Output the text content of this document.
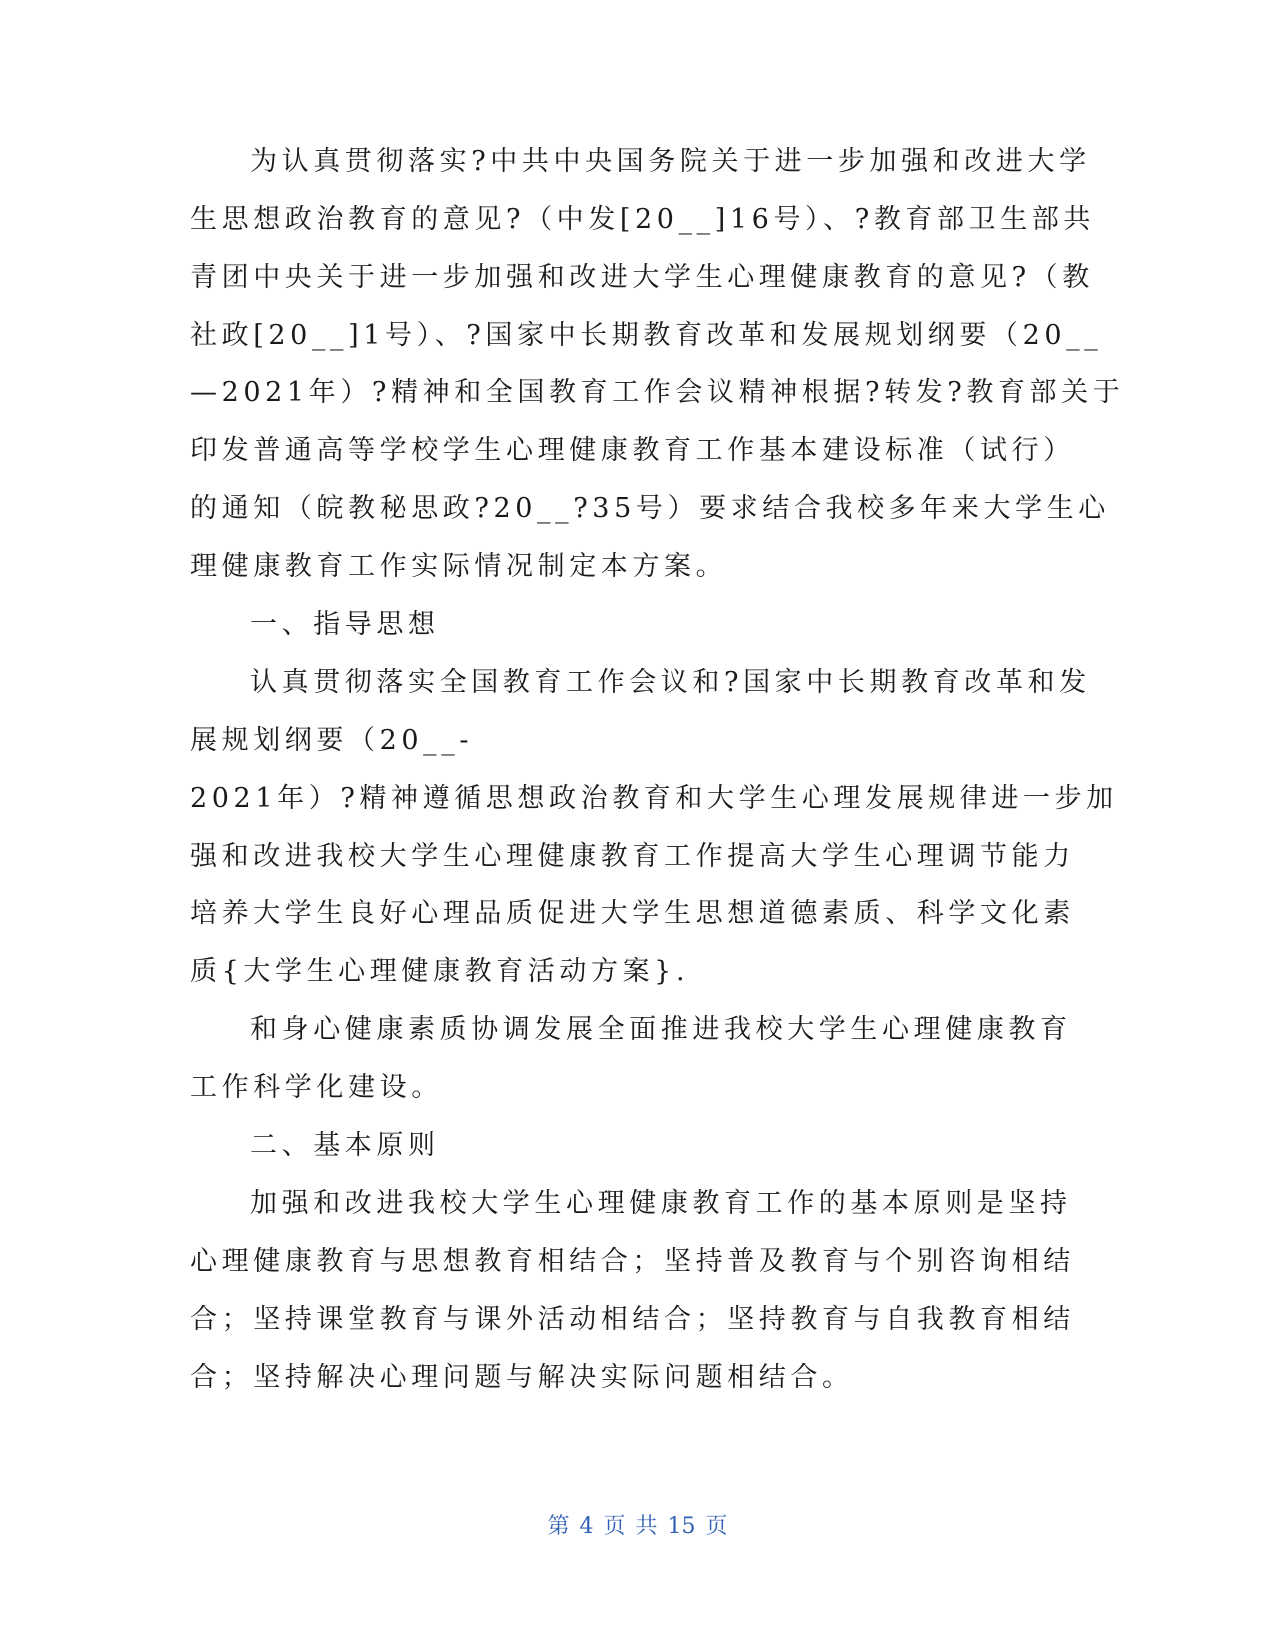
为认真贯彻落实?中共中央国务院关于进一步加强和改进大学
生思想政治教育的意见?（中发[20__]16号）、?教育部卫生部共
青团中央关于进一步加强和改进大学生心理健康教育的意见?（教
社政[20__]1号）、?国家中长期教育改革和发展规划纲要（20__
—2021年）?精神和全国教育工作会议精神根据?转发?教育部关于
印发普通高等学校学生心理健康教育工作基本建设标准（试行）
的通知（皖教秘思政?20__?35号）要求结合我校多年来大学生心
理健康教育工作实际情况制定本方案。
一、指导思想
认真贯彻落实全国教育工作会议和?国家中长期教育改革和发
展规划纲要（20__-
2021年）?精神遵循思想政治教育和大学生心理发展规律进一步加
强和改进我校大学生心理健康教育工作提高大学生心理调节能力
培养大学生良好心理品质促进大学生思想道德素质、科学文化素
质{大学生心理健康教育活动方案}.
和身心健康素质协调发展全面推进我校大学生心理健康教育
工作科学化建设。
二、基本原则
加强和改进我校大学生心理健康教育工作的基本原则是坚持
心理健康教育与思想教育相结合；坚持普及教育与个别咨询相结
合；坚持课堂教育与课外活动相结合；坚持教育与自我教育相结
合；坚持解决心理问题与解决实际问题相结合。
第 4 页 共 15 页
